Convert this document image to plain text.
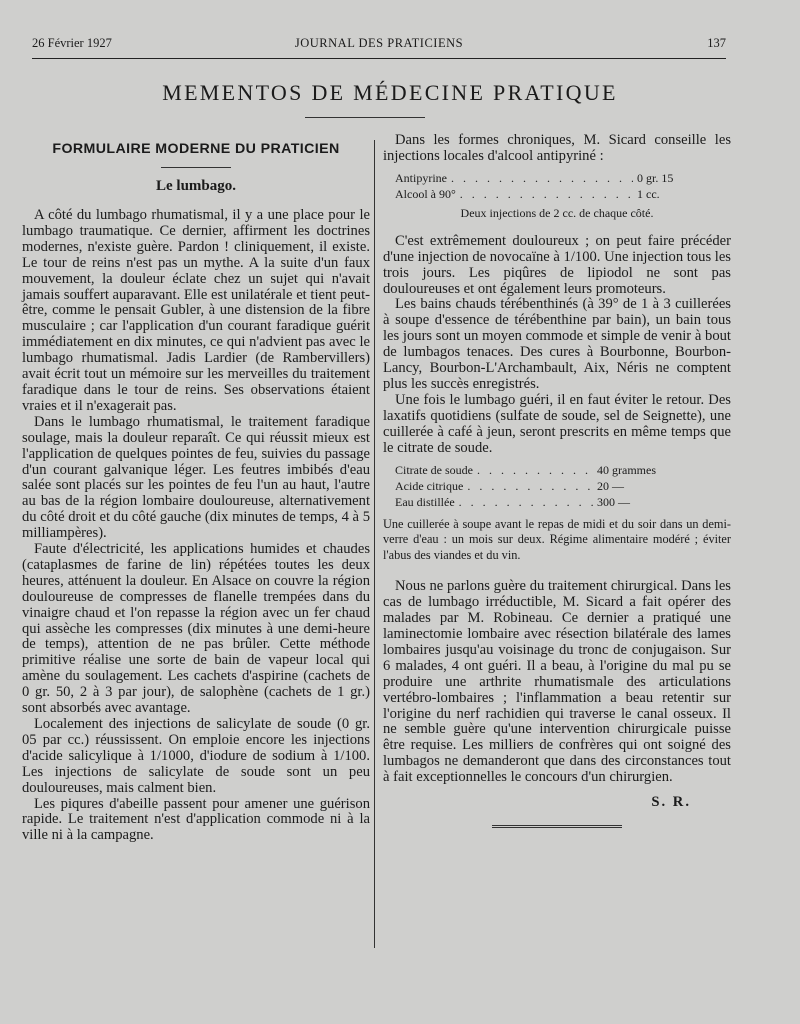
26 Février 1927	JOURNAL DES PRATICIENS	137
MEMENTOS DE MÉDECINE PRATIQUE
FORMULAIRE MODERNE DU PRATICIEN
Le lumbago.

A côté du lumbago rhumatismal, il y a une place pour le lumbago traumatique. Ce dernier, affirment les doctrines modernes, n'existe guère. Pardon ! cliniquement, il existe. Le tour de reins n'est pas un mythe. A la suite d'un faux mouvement, la douleur éclate chez un sujet qui n'avait jamais souffert auparavant. Elle est unilatérale et tient peut-être, comme le pensait Gubler, à une distension de la fibre musculaire ; car l'application d'un courant faradique guérit immédiatement en dix minutes, ce qui n'advient pas avec le lumbago rhumatismal. Jadis Lardier (de Rambervillers) avait écrit tout un mémoire sur les merveilles du traitement faradique dans le tour de reins. Ses observations étaient vraies et il n'exagerait pas.

Dans le lumbago rhumatismal, le traitement faradique soulage, mais la douleur reparaît. Ce qui réussit mieux est l'application de quelques pointes de feu, suivies du passage d'un courant galvanique léger. Les feutres imbibés d'eau salée sont placés sur les pointes de feu l'un au haut, l'autre au bas de la région lombaire douloureuse, alternativement du côté droit et du côté gauche (dix minutes de temps, 4 à 5 milliampères).

Faute d'électricité, les applications humides et chaudes (cataplasmes de farine de lin) répétées toutes les deux heures, atténuent la douleur. En Alsace on couvre la région douloureuse de compresses de flanelle trempées dans du vinaigre chaud et l'on repasse la région avec un fer chaud qui assèche les compresses (dix minutes à une demi-heure de temps), attention de ne pas brûler. Cette méthode primitive réalise une sorte de bain de vapeur local qui amène du soulagement. Les cachets d'aspirine (cachets de 0 gr. 50, 2 à 3 par jour), de salophène (cachets de 1 gr.) sont absorbés avec avantage.

Localement des injections de salicylate de soude (0 gr. 05 par cc.) réussissent. On emploie encore les injections d'acide salicylique à 1/1000, d'iodure de sodium à 1/100. Les injections de salicylate de soude sont un peu douloureuses, mais calment bien.

Les piqures d'abeille passent pour amener une guérison rapide. Le traitement n'est d'application commode ni à la ville ni à la campagne.

Dans les formes chroniques, M. Sicard conseille les injections locales d'alcool antipyriné :

Antipyrine . . .	0 gr. 15
Alcool à 90° . . .	1 cc.
Deux injections de 2 cc. de chaque côté.

C'est extrêmement douloureux ; on peut faire précéder d'une injection de novocaïne à 1/100. Une injection tous les trois jours. Les piqûres de lipiodol ne sont pas douloureuses et ont également leurs promoteurs.

Les bains chauds térébenthinés (à 39° de 1 à 3 cuillerées à soupe d'essence de térébenthine par bain), un bain tous les jours sont un moyen commode et simple de venir à bout de lumbagos tenaces. Des cures à Bourbonne, Bourbon-Lancy, Bourbon-L'Archambault, Aix, Néris ne comptent plus les succès enregistrés.

Une fois le lumbago guéri, il en faut éviter le retour. Des laxatifs quotidiens (sulfate de soude, sel de Seignette), une cuillerée à café à jeun, seront prescrits en même temps que le citrate de soude.

Citrate de soude . . .	40 grammes
Acide citrique . . .	20 —
Eau distillée . . .	300 —
Une cuillerée à soupe avant le repas de midi et du soir dans un demi-verre d'eau : un mois sur deux. Régime alimentaire modéré ; éviter l'abus des viandes et du vin.

Nous ne parlons guère du traitement chirurgical. Dans les cas de lumbago irréductible, M. Sicard a fait opérer des malades par M. Robineau. Ce dernier a pratiqué une laminectomie lombaire avec résection bilatérale des lames lombaires jusqu'au voisinage du tronc de conjugaison. Sur 6 malades, 4 ont guéri. Il a beau, à l'origine du mal pu se produire une arthrite rhumatismale des articulations vertébro-lombaires ; l'inflammation a beau retentir sur l'origine du nerf rachidien qui traverse le canal osseux. Il ne semble guère qu'une intervention chirurgicale puisse être requise. Les milliers de confrères qui ont soigné des lumbagos ne demanderont que dans des circonstances tout à fait exceptionnelles le concours d'un chirurgien.

S. R.
